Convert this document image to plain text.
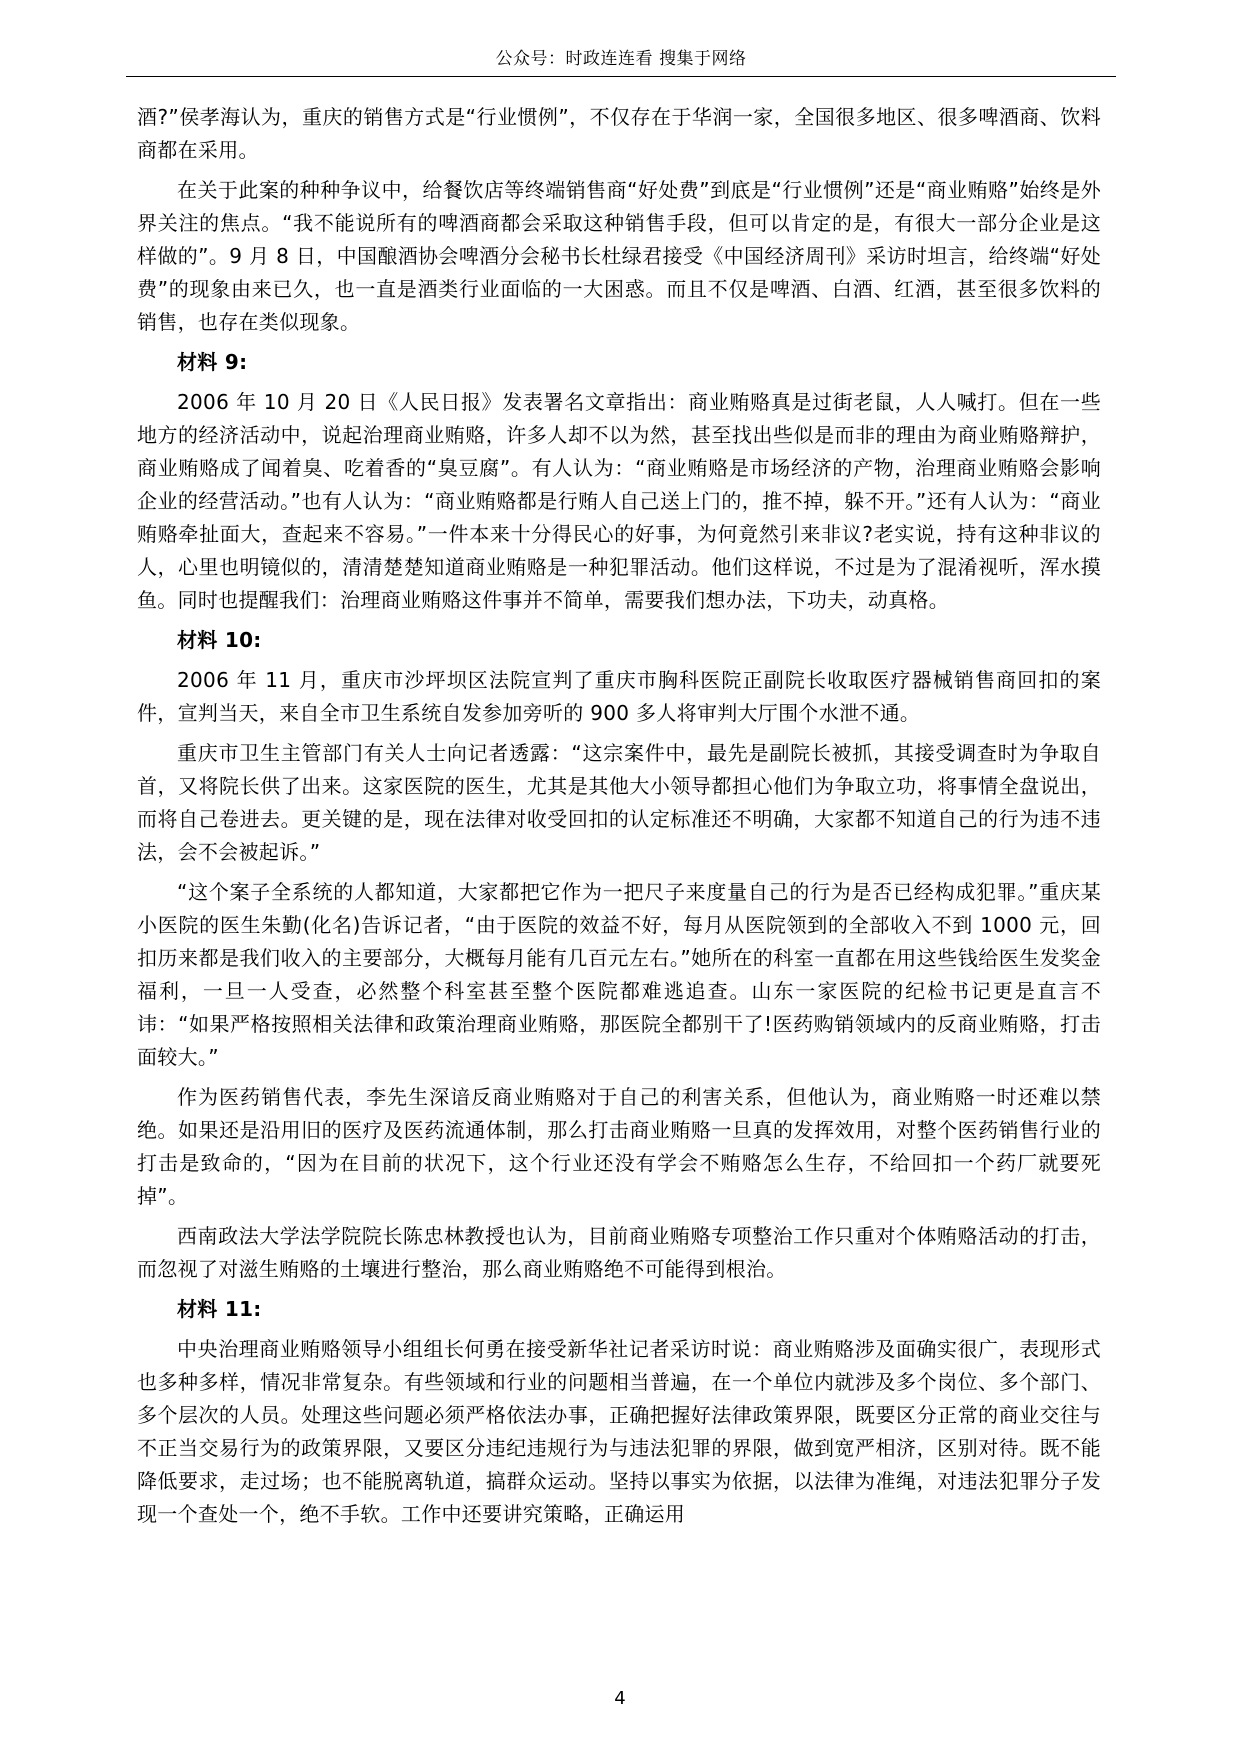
公众号：时政连连看 搜集于网络

酒?”侯孝海认为，重庆的销售方式是“行业惯例”，不仅存在于华润一家，全国很多地区、很多啤酒商、饮料商都在采用。

在关于此案的种种争议中，给餐饮店等终端销售商“好处费”到底是“行业惯例”还是“商业贿赂”始终是外界关注的焦点。“我不能说所有的啤酒商都会采取这种销售手段，但可以肯定的是，有很大一部分企业是这样做的”。9 月 8 日，中国酿酒协会啤酒分会秘书长杜绿君接受《中国经济周刊》采访时坦言，给终端“好处费”的现象由来已久，也一直是酒类行业面临的一大困惑。而且不仅是啤酒、白酒、红酒，甚至很多饮料的销售，也存在类似现象。

材料 9:

2006 年 10 月 20 日《人民日报》发表署名文章指出：商业贿赂真是过街老鼠，人人喊打。但在一些地方的经济活动中，说起治理商业贿赂，许多人却不以为然，甚至找出些似是而非的理由为商业贿赂辩护，商业贿赂成了闻着臭、吃着香的“臭豆腐”。有人认为：“商业贿赂是市场经济的产物，治理商业贿赂会影响企业的经营活动。”也有人认为：“商业贿赂都是行贿人自己送上门的，推不掉，躲不开。”还有人认为：“商业贿赂牵扯面大，查起来不容易。”一件本来十分得民心的好事，为何竟然引来非议?老实说，持有这种非议的人，心里也明镜似的，清清楚楚知道商业贿赂是一种犯罪活动。他们这样说，不过是为了混淆视听，浑水摸鱼。同时也提醒我们：治理商业贿赂这件事并不简单，需要我们想办法，下功夫，动真格。

材料 10:

2006 年 11 月，重庆市沙坪坝区法院宣判了重庆市胸科医院正副院长收取医疗器械销售商回扣的案件，宣判当天，来自全市卫生系统自发参加旁听的 900 多人将审判大厅围个水泄不通。

重庆市卫生主管部门有关人士向记者透露：“这宗案件中，最先是副院长被抓，其接受调查时为争取自首，又将院长供了出来。这家医院的医生，尤其是其他大小领导都担心他们为争取立功，将事情全盘说出，而将自己卷进去。更关键的是，现在法律对收受回扣的认定标准还不明确，大家都不知道自己的行为违不违法，会不会被起诉。”

“这个案子全系统的人都知道，大家都把它作为一把尺子来度量自己的行为是否已经构成犯罪。”重庆某小医院的医生朱勤(化名)告诉记者，“由于医院的效益不好，每月从医院领到的全部收入不到 1000 元，回扣历来都是我们收入的主要部分，大概每月能有几百元左右。”她所在的科室一直都在用这些钱给医生发奖金福利，一旦一人受查，必然整个科室甚至整个医院都难逃追查。山东一家医院的纪检书记更是直言不讳：“如果严格按照相关法律和政策治理商业贿赂，那医院全都别干了!医药购销领域内的反商业贿赂，打击面较大。”

作为医药销售代表，李先生深谙反商业贿赂对于自己的利害关系，但他认为，商业贿赂一时还难以禁绝。如果还是沿用旧的医疗及医药流通体制，那么打击商业贿赂一旦真的发挥效用，对整个医药销售行业的打击是致命的，“因为在目前的状况下，这个行业还没有学会不贿赂怎么生存，不给回扣一个药厂就要死掉”。

西南政法大学法学院院长陈忠林教授也认为，目前商业贿赂专项整治工作只重对个体贿赂活动的打击，而忽视了对滋生贿赂的土壤进行整治，那么商业贿赂绝不可能得到根治。

材料 11:

中央治理商业贿赂领导小组组长何勇在接受新华社记者采访时说：商业贿赂涉及面确实很广，表现形式也多种多样，情况非常复杂。有些领域和行业的问题相当普遍，在一个单位内就涉及多个岗位、多个部门、多个层次的人员。处理这些问题必须严格依法办事，正确把握好法律政策界限，既要区分正常的商业交往与不正当交易行为的政策界限，又要区分违纪违规行为与违法犯罪的界限，做到宽严相济，区别对待。既不能降低要求，走过场；也不能脱离轨道，搞群众运动。坚持以事实为依据，以法律为准绳，对违法犯罪分子发现一个查处一个，绝不手软。工作中还要讲究策略，正确运用

4
